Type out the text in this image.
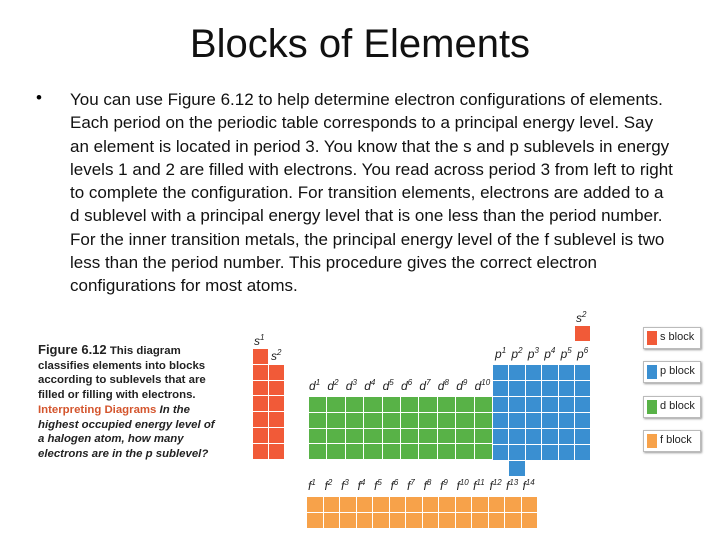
Blocks of Elements
• You can use Figure 6.12 to help determine electron configurations of elements. Each period on the periodic table corresponds to a principal energy level. Say an element is located in period 3. You know that the s and p sublevels in energy levels 1 and 2 are filled with electrons. You read across period 3 from left to right to complete the configuration. For transition elements, electrons are added to a d sublevel with a principal energy level that is one less than the period number. For the inner transition metals, the principal energy level of the f sublevel is two less than the period number. This procedure gives the correct electron configurations for most atoms.
Figure 6.12 This diagram classifies elements into blocks according to sublevels that are filled or filling with electrons. Interpreting Diagrams In the highest occupied energy level of a halogen atom, how many electrons are in the p sublevel?
$s^1$
$s^2$
$s^2$
$p^1$ $p^2$ $p^3$ $p^4$ $p^5$ $p^6$
$d^1$ $d^2$ $d^3$ $d^4$ $d^5$ $d^6$ $d^7$ $d^8$ $d^9$ $d^{10}$
$f^1$ $f^2$ $f^3$ $f^4$ $f^5$ $f^6$ $f^7$ $f^8$ $f^9$ $f^{10}$ $f^{11}$ $f^{12}$ $f^{13}$ $f^{14}$
s block
p block
d block
f block
